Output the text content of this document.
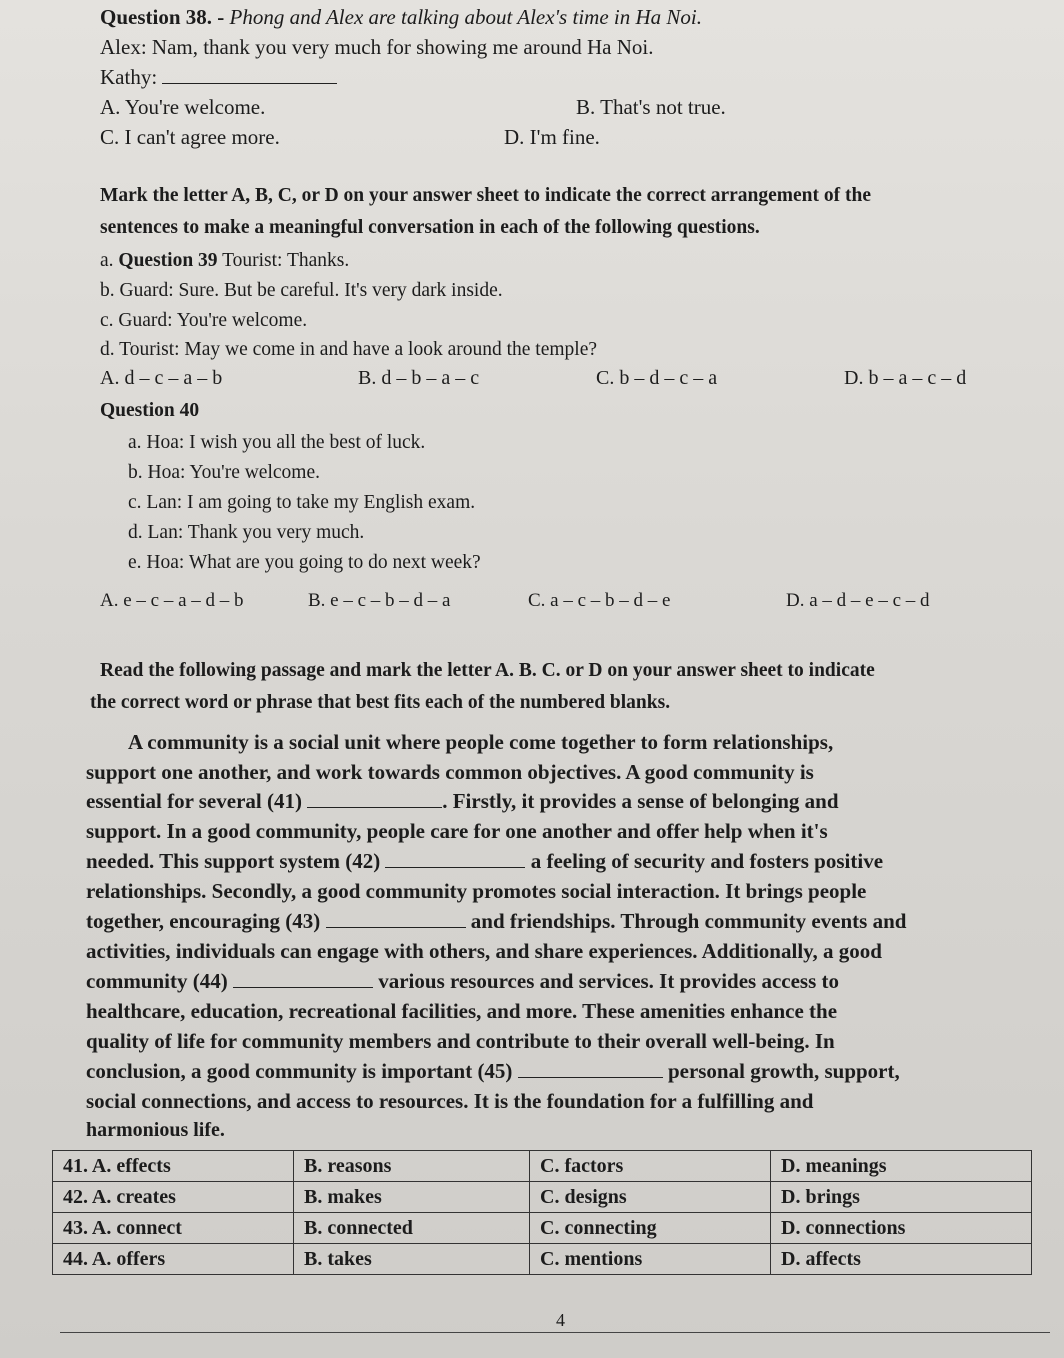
Question 38. - Phong and Alex are talking about Alex's time in Ha Noi.
Alex: Nam, thank you very much for showing me around Ha Noi.
Kathy:
A. You're welcome.	B. That's not true.
C. I can't agree more.	D. I'm fine.
Mark the letter A, B, C, or D on your answer sheet to indicate the correct arrangement of the
sentences to make a meaningful conversation in each of the following questions.
a. Question 39 Tourist: Thanks.
b. Guard: Sure. But be careful. It's very dark inside.
c. Guard: You're welcome.
d. Tourist: May we come in and have a look around the temple?
A. d – c – a – b	B. d – b – a – c	C. b – d – c – a	D. b – a – c – d
Question 40
a. Hoa: I wish you all the best of luck.
b. Hoa: You're welcome.
c. Lan: I am going to take my English exam.
d. Lan: Thank you very much.
e. Hoa: What are you going to do next week?
A. e – c – a – d – b	B. e – c – b – d – a	C. a – c – b – d – e	D. a – d – e – c – d
Read the following passage and mark the letter A. B. C. or D on your answer sheet to indicate
the correct word or phrase that best fits each of the numbered blanks.
A community is a social unit where people come together to form relationships,
support one another, and work towards common objectives. A good community is
essential for several (41)	. Firstly, it provides a sense of belonging and
support. In a good community, people care for one another and offer help when it's
needed. This support system (42)	a feeling of security and fosters positive
relationships. Secondly, a good community promotes social interaction. It brings people
together, encouraging (43)	and friendships. Through community events and
activities, individuals can engage with others, and share experiences. Additionally, a good
community (44)	various resources and services. It provides access to
healthcare, education, recreational facilities, and more. These amenities enhance the
quality of life for community members and contribute to their overall well-being. In
conclusion, a good community is important (45)	personal growth, support,
social connections, and access to resources. It is the foundation for a fulfilling and
harmonious life.
41. A. effects	B. reasons	C. factors	D. meanings
42. A. creates	B. makes	C. designs	D. brings
43. A. connect	B. connected	C. connecting	D. connections
44. A. offers	B. takes	C. mentions	D. affects
4
